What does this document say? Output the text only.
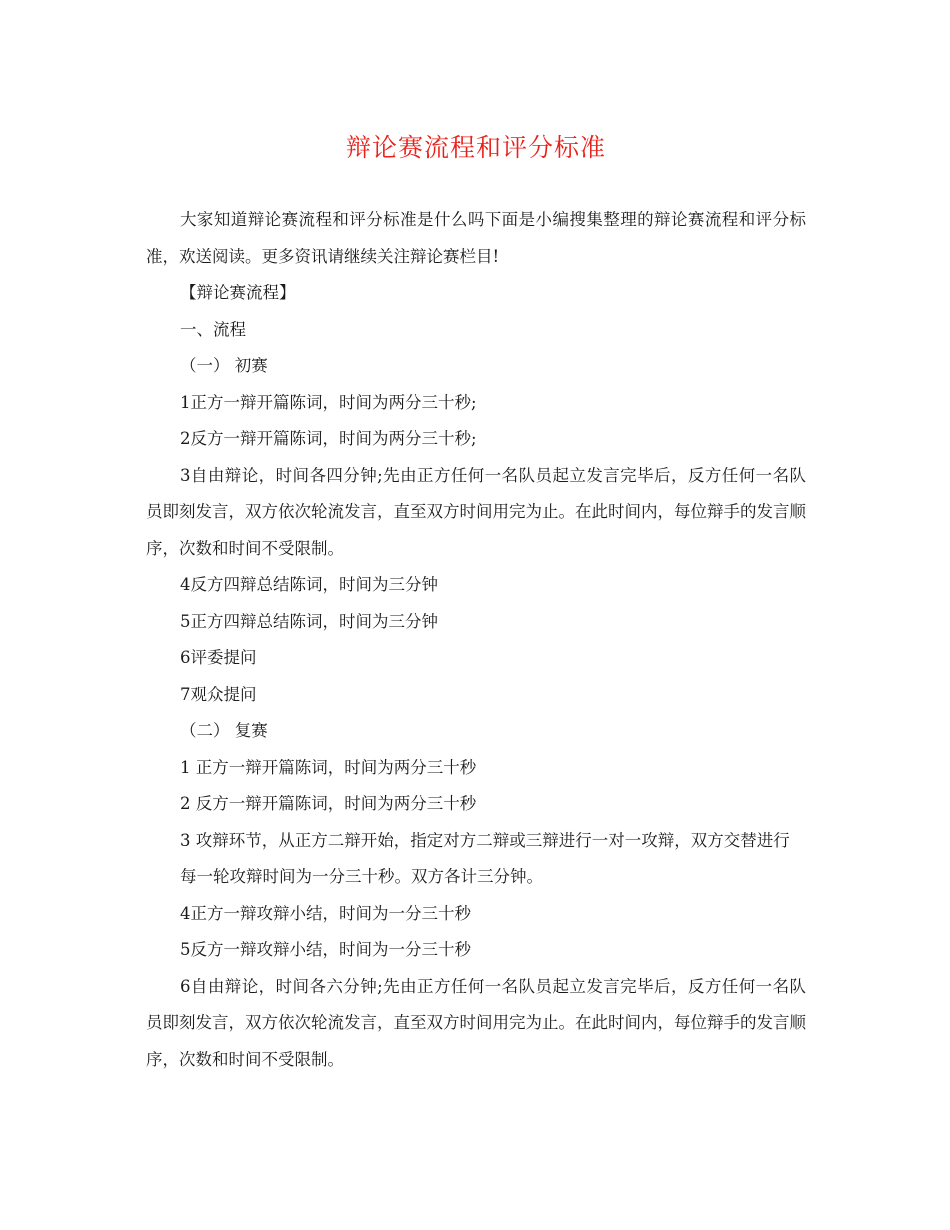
辩论赛流程和评分标准

大家知道辩论赛流程和评分标准是什么吗下面是小编搜集整理的辩论赛流程和评分标准，欢送阅读。更多资讯请继续关注辩论赛栏目!

【辩论赛流程】

一、流程

（一） 初赛

1正方一辩开篇陈词，时间为两分三十秒;

2反方一辩开篇陈词，时间为两分三十秒;

3自由辩论，时间各四分钟;先由正方任何一名队员起立发言完毕后，反方任何一名队员即刻发言，双方依次轮流发言，直至双方时间用完为止。在此时间内，每位辩手的发言顺序，次数和时间不受限制。

4反方四辩总结陈词，时间为三分钟

5正方四辩总结陈词，时间为三分钟

6评委提问

7观众提问

（二） 复赛

1 正方一辩开篇陈词，时间为两分三十秒

2 反方一辩开篇陈词，时间为两分三十秒

3 攻辩环节，从正方二辩开始，指定对方二辩或三辩进行一对一攻辩，双方交替进行

每一轮攻辩时间为一分三十秒。双方各计三分钟。

4正方一辩攻辩小结，时间为一分三十秒

5反方一辩攻辩小结，时间为一分三十秒

6自由辩论，时间各六分钟;先由正方任何一名队员起立发言完毕后，反方任何一名队员即刻发言，双方依次轮流发言，直至双方时间用完为止。在此时间内，每位辩手的发言顺序，次数和时间不受限制。
